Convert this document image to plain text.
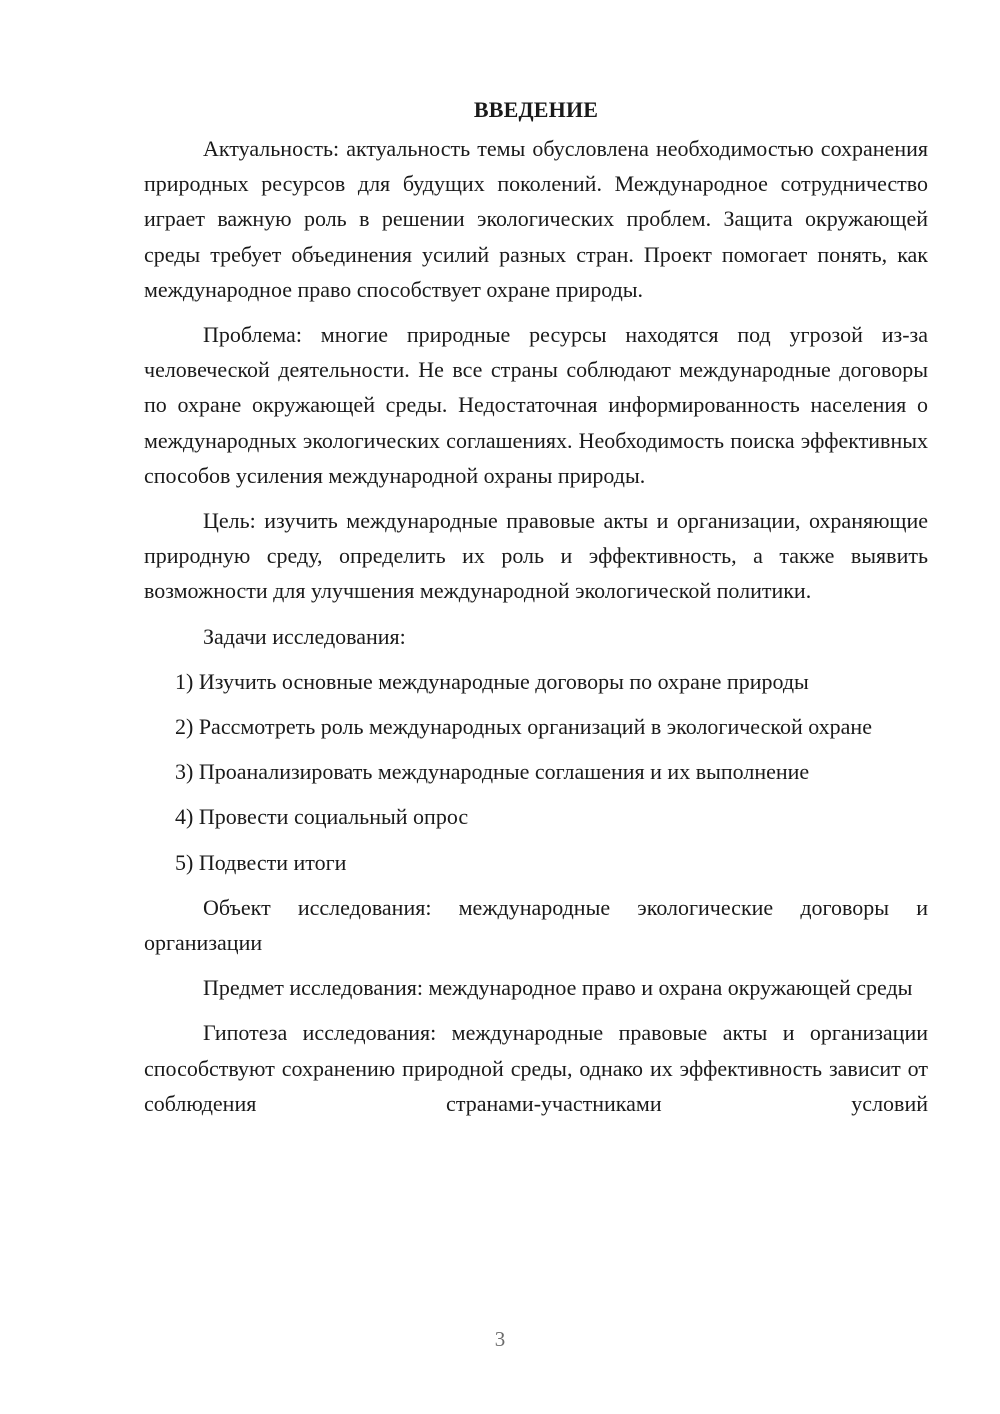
ВВЕДЕНИЕ

Актуальность: актуальность темы обусловлена необходимостью сохранения природных ресурсов для будущих поколений. Международное сотрудничество играет важную роль в решении экологических проблем. Защита окружающей среды требует объединения усилий разных стран. Проект помогает понять, как международное право способствует охране природы.

Проблема: многие природные ресурсы находятся под угрозой из-за человеческой деятельности. Не все страны соблюдают международные договоры по охране окружающей среды. Недостаточная информированность населения о международных экологических соглашениях. Необходимость поиска эффективных способов усиления международной охраны природы.

Цель: изучить международные правовые акты и организации, охраняющие природную среду, определить их роль и эффективность, а также выявить возможности для улучшения международной экологической политики.

Задачи исследования:

1) Изучить основные международные договоры по охране природы

2) Рассмотреть роль международных организаций в экологической охране

3) Проанализировать международные соглашения и их выполнение

4) Провести социальный опрос

5) Подвести итоги

Объект исследования: международные экологические договоры и организации

Предмет исследования: международное право и охрана окружающей среды

Гипотеза исследования: международные правовые акты и организации способствуют сохранению природной среды, однако их эффективность зависит от соблюдения странами-участниками условий

3
